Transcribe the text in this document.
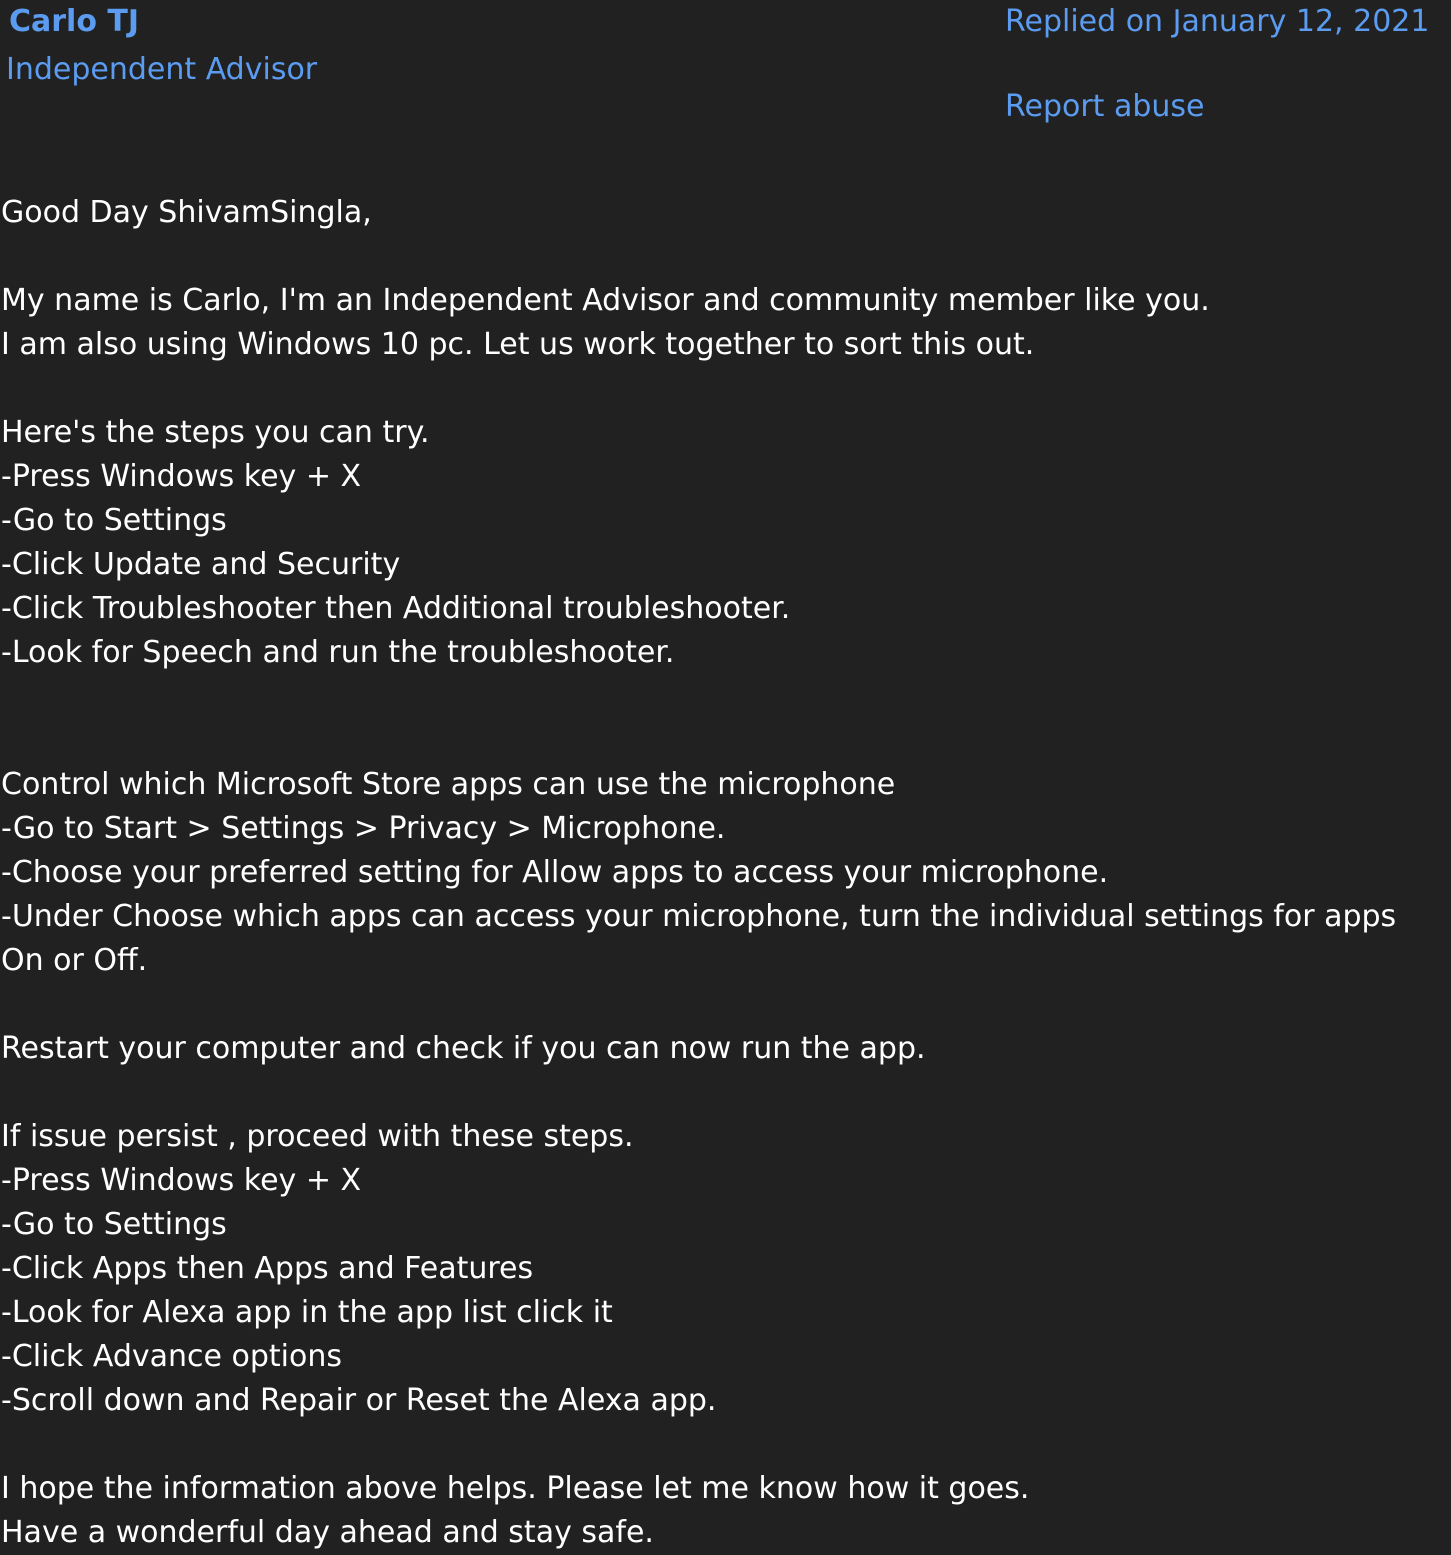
Carlo TJ
Independent Advisor
Replied on January 12, 2021
Report abuse
Good Day ShivamSingla,

My name is Carlo, I'm an Independent Advisor and community member like you.
I am also using Windows 10 pc. Let us work together to sort this out.

Here's the steps you can try.
-Press Windows key + X
-Go to Settings
-Click Update and Security
-Click Troubleshooter then Additional troubleshooter.
-Look for Speech and run the troubleshooter.

Control which Microsoft Store apps can use the microphone
-Go to Start > Settings > Privacy > Microphone.
-Choose your preferred setting for Allow apps to access your microphone.
-Under Choose which apps can access your microphone, turn the individual settings for apps On or Off.

Restart your computer and check if you can now run the app.

If issue persist , proceed with these steps.
-Press Windows key + X
-Go to Settings
-Click Apps then Apps and Features
-Look for Alexa app in the app list click it
-Click Advance options
-Scroll down and Repair or Reset the Alexa app.

I hope the information above helps. Please let me know how it goes.
Have a wonderful day ahead and stay safe.
